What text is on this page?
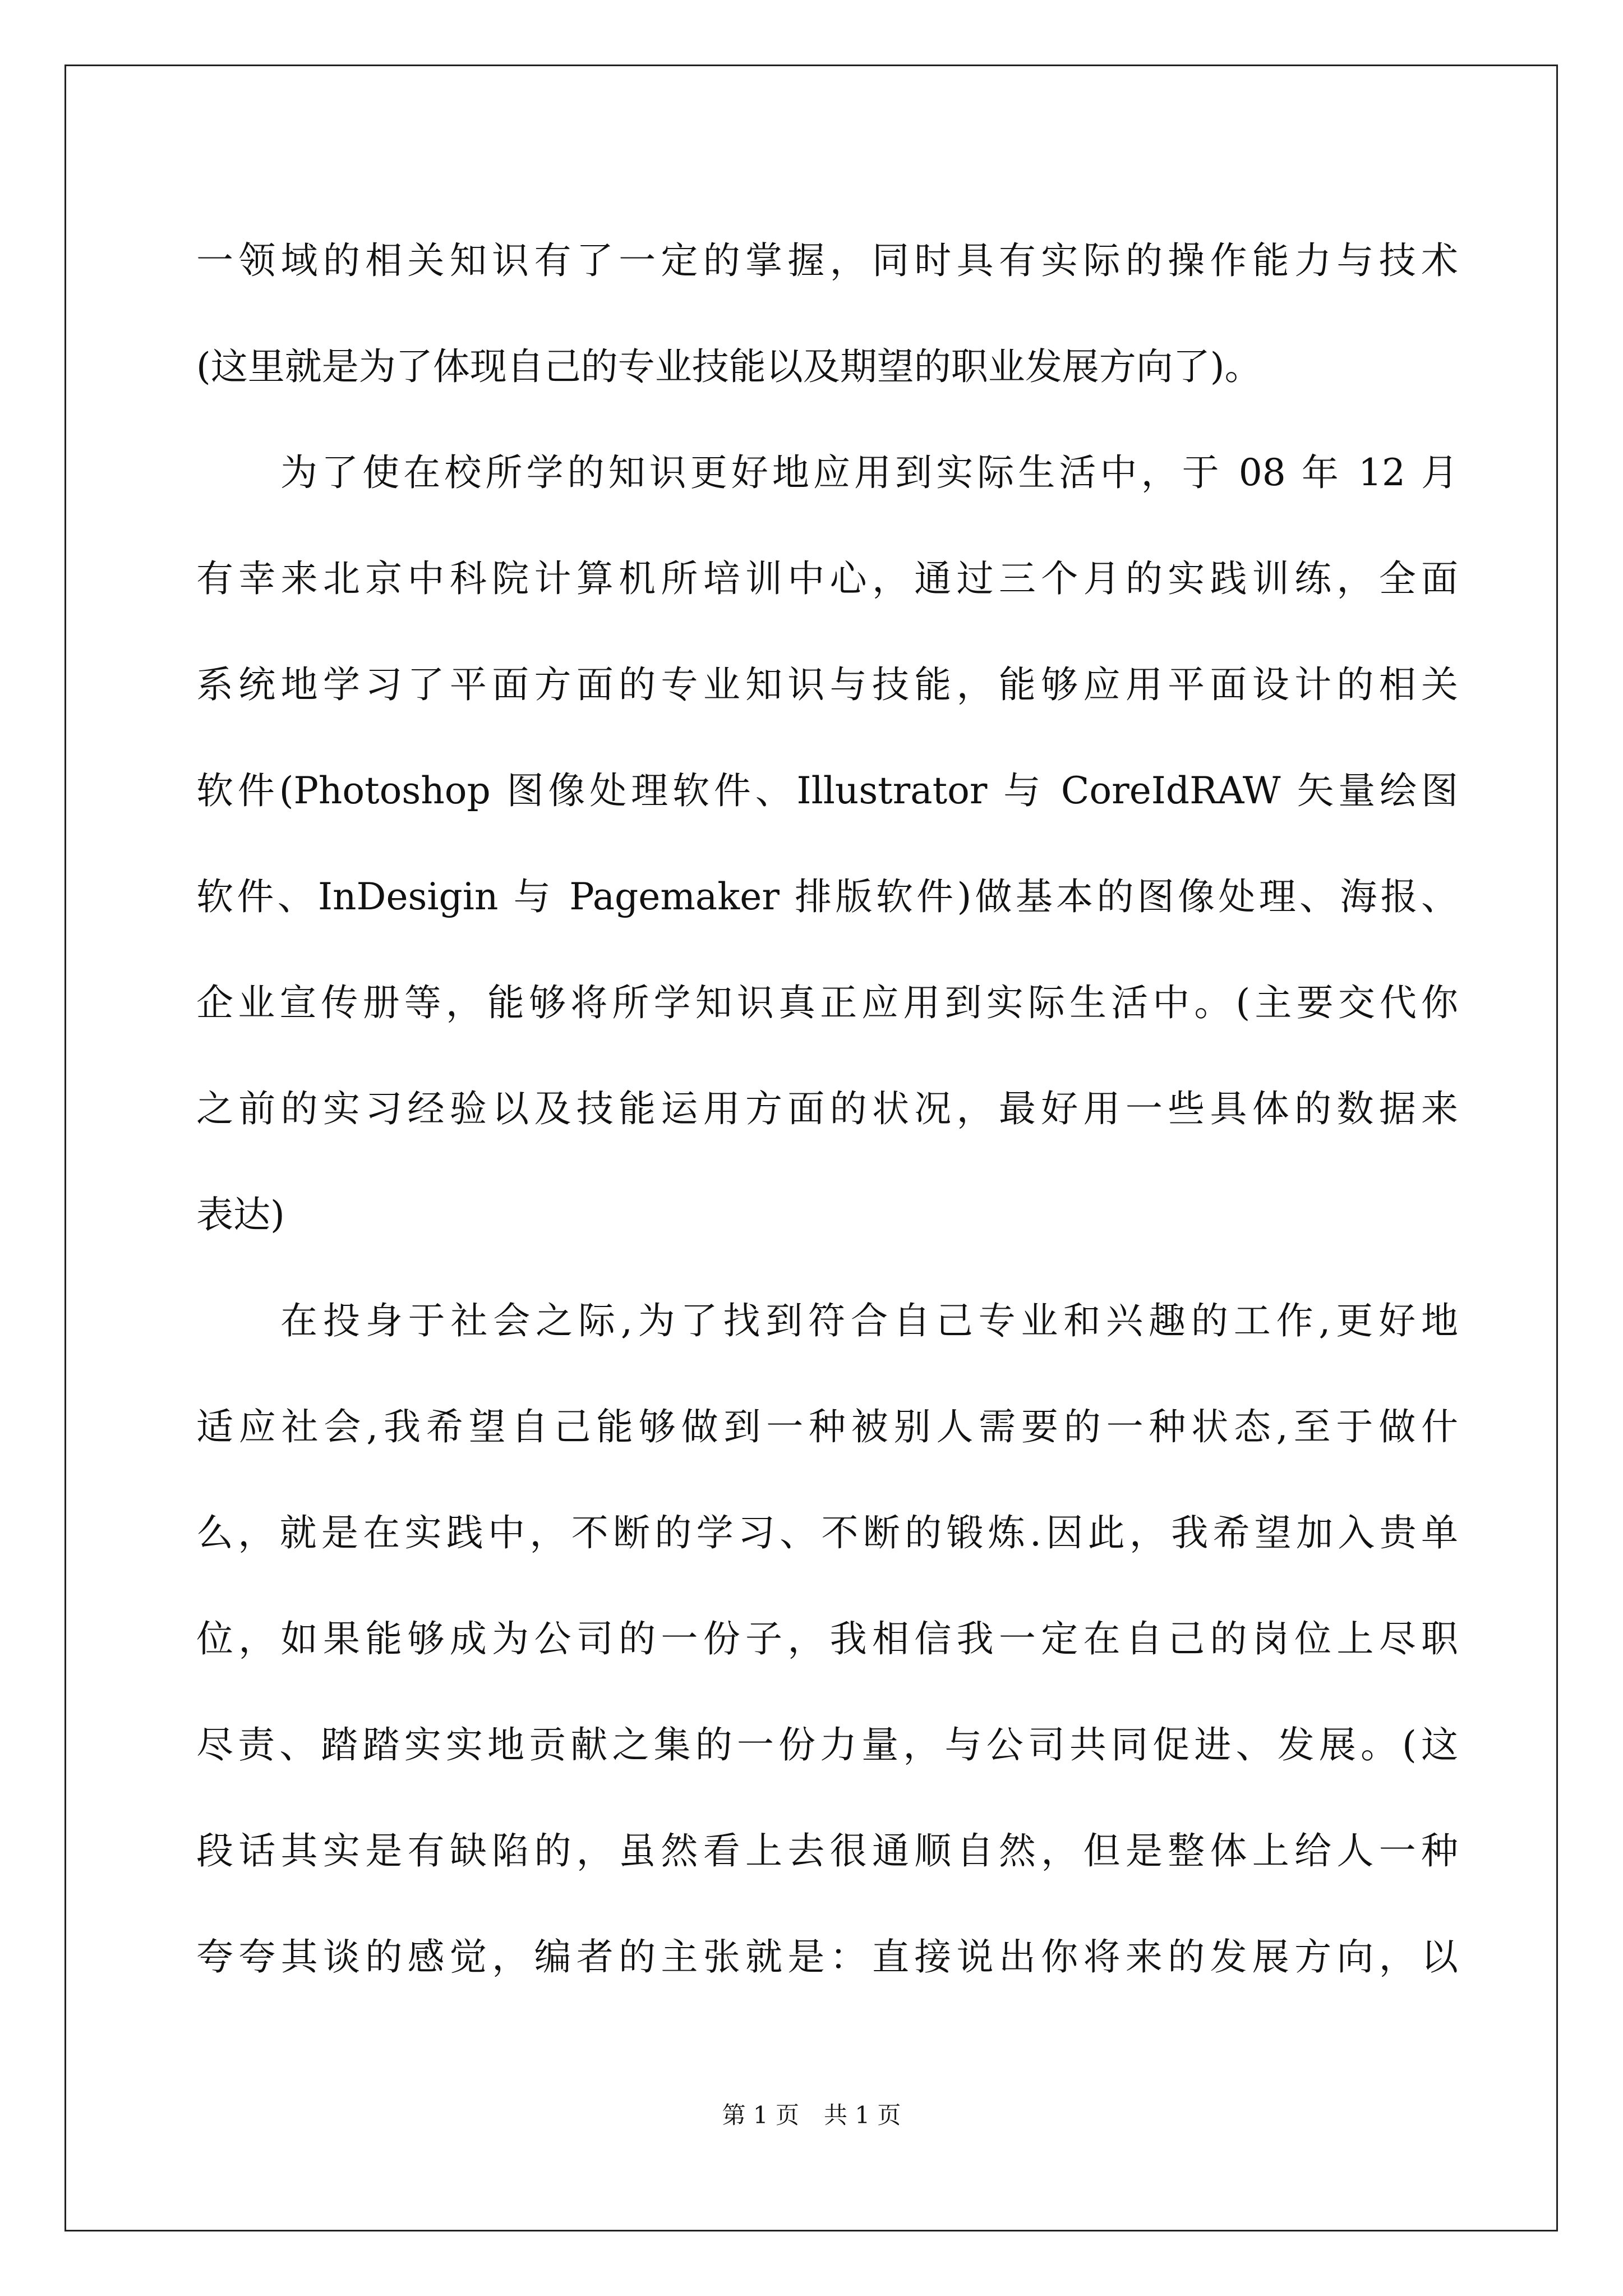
一领域的相关知识有了一定的掌握，同时具有实际的操作能力与技术
(这里就是为了体现自己的专业技能以及期望的职业发展方向了)。
为了使在校所学的知识更好地应用到实际生活中，于 08 年 12 月
有幸来北京中科院计算机所培训中心，通过三个月的实践训练，全面
系统地学习了平面方面的专业知识与技能，能够应用平面设计的相关
软件(Photoshop 图像处理软件、Illustrator 与 CoreIdRAW 矢量绘图
软件、InDesigin 与 Pagemaker 排版软件)做基本的图像处理、海报、
企业宣传册等，能够将所学知识真正应用到实际生活中。(主要交代你
之前的实习经验以及技能运用方面的状况，最好用一些具体的数据来
表达)
在投身于社会之际,为了找到符合自己专业和兴趣的工作,更好地
适应社会,我希望自己能够做到一种被别人需要的一种状态,至于做什
么，就是在实践中，不断的学习、不断的锻炼.因此，我希望加入贵单
位，如果能够成为公司的一份子，我相信我一定在自己的岗位上尽职
尽责、踏踏实实地贡献之集的一份力量，与公司共同促进、发展。(这
段话其实是有缺陷的，虽然看上去很通顺自然，但是整体上给人一种
夸夸其谈的感觉，编者的主张就是：直接说出你将来的发展方向，以
第 1 页 共 1 页
